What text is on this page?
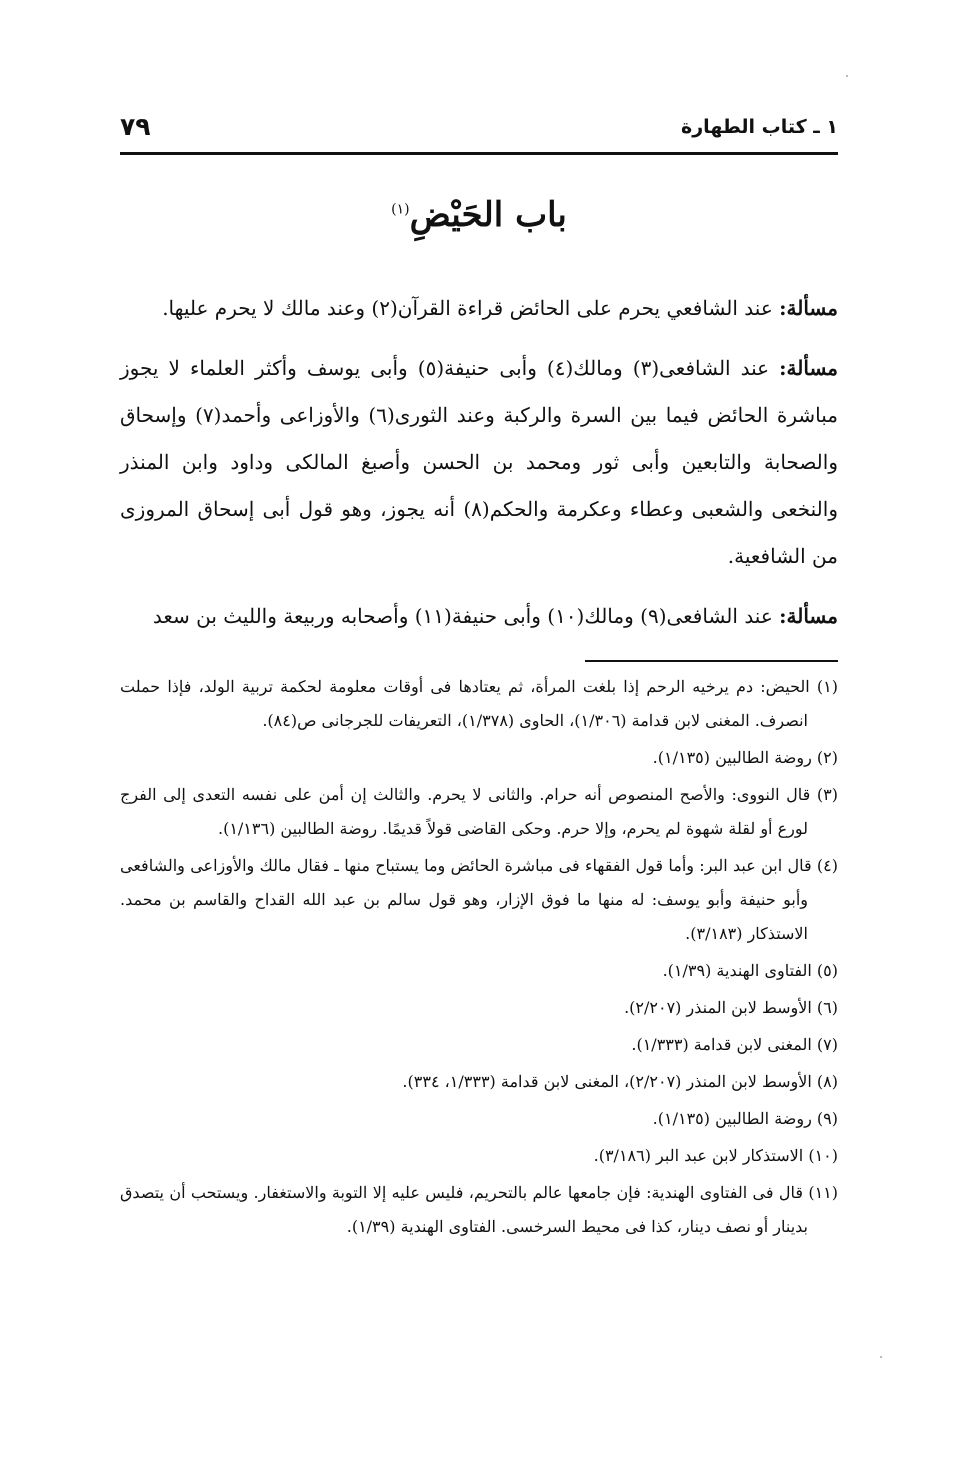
١ ـ كتاب الطهارة
٧٩
باب الحَيْضِ$^{(١)}$

مسألة: عند الشافعي يحرم على الحائض قراءة القرآن(٢) وعند مالك لا يحرم عليها.

مسألة: عند الشافعى(٣) ومالك(٤) وأبى حنيفة(٥) وأبى يوسف وأكثر العلماء لا يجوز مباشرة الحائض فيما بين السرة والركبة وعند الثورى(٦) والأوزاعى وأحمد(٧) وإسحاق والصحابة والتابعين وأبى ثور ومحمد بن الحسن وأصبغ المالكى وداود وابن المنذر والنخعى والشعبى وعطاء وعكرمة والحكم(٨) أنه يجوز، وهو قول أبى إسحاق المروزى من الشافعية.

مسألة: عند الشافعى(٩) ومالك(١٠) وأبى حنيفة(١١) وأصحابه وربيعة والليث بن سعد

(١) الحيض: دم يرخيه الرحم إذا بلغت المرأة، ثم يعتادها فى أوقات معلومة لحكمة تربية الولد، فإذا حملت انصرف. المغنى لابن قدامة (١/٣٠٦)، الحاوى (١/٣٧٨)، التعريفات للجرجانى ص(٨٤).
(٢) روضة الطالبين (١/١٣٥).
(٣) قال النووى: والأصح المنصوص أنه حرام. والثانى لا يحرم. والثالث إن أمن على نفسه التعدى إلى الفرج لورع أو لقلة شهوة لم يحرم، وإلا حرم. وحكى القاضى قولاً قديمًا. روضة الطالبين (١/١٣٦).
(٤) قال ابن عبد البر: وأما قول الفقهاء فى مباشرة الحائض وما يستباح منها ـ فقال مالك والأوزاعى والشافعى وأبو حنيفة وأبو يوسف: له منها ما فوق الإزار، وهو قول سالم بن عبد الله القداح والقاسم بن محمد. الاستذكار (٣/١٨٣).
(٥) الفتاوى الهندية (١/٣٩).
(٦) الأوسط لابن المنذر (٢/٢٠٧).
(٧) المغنى لابن قدامة (١/٣٣٣).
(٨) الأوسط لابن المنذر (٢/٢٠٧)، المغنى لابن قدامة (١/٣٣٣، ٣٣٤).
(٩) روضة الطالبين (١/١٣٥).
(١٠) الاستذكار لابن عبد البر (٣/١٨٦).
(١١) قال فى الفتاوى الهندية: فإن جامعها عالم بالتحريم، فليس عليه إلا التوبة والاستغفار. ويستحب أن يتصدق بدينار أو نصف دينار، كذا فى محيط السرخسى. الفتاوى الهندية (١/٣٩).
